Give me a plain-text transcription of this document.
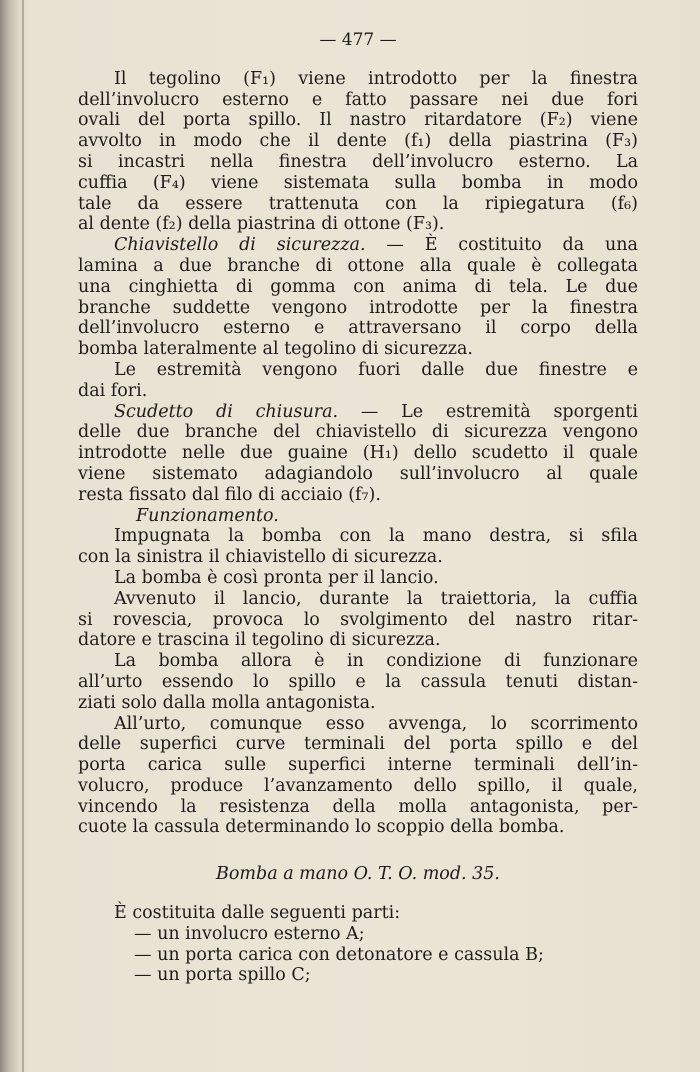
— 477 —

Il tegolino (F₁) viene introdotto per la finestra

dell’involucro esterno e fatto passare nei due fori

ovali del porta spillo. Il nastro ritardatore (F₂) viene

avvolto in modo che il dente (f₁) della piastrina (F₃)

si incastri nella finestra dell’involucro esterno. La

cuffia (F₄) viene sistemata sulla bomba in modo

tale da essere trattenuta con la ripiegatura (f₆)

al dente (f₂) della piastrina di ottone (F₃).

Chiavistello di sicurezza. — È costituito da una

lamina a due branche di ottone alla quale è collegata

una cinghietta di gomma con anima di tela. Le due

branche suddette vengono introdotte per la finestra

dell’involucro esterno e attraversano il corpo della

bomba lateralmente al tegolino di sicurezza.

Le estremità vengono fuori dalle due finestre e

dai fori.

Scudetto di chiusura. — Le estremità sporgenti

delle due branche del chiavistello di sicurezza vengono

introdotte nelle due guaine (H₁) dello scudetto il quale

viene sistemato adagiandolo sull’involucro al quale

resta fissato dal filo di acciaio (f₇).

Funzionamento.

Impugnata la bomba con la mano destra, si sfila

con la sinistra il chiavistello di sicurezza.

La bomba è così pronta per il lancio.

Avvenuto il lancio, durante la traiettoria, la cuffia

si rovescia, provoca lo svolgimento del nastro ritar-

datore e trascina il tegolino di sicurezza.

La bomba allora è in condizione di funzionare

all’urto essendo lo spillo e la cassula tenuti distan-

ziati solo dalla molla antagonista.

All’urto, comunque esso avvenga, lo scorrimento

delle superfici curve terminali del porta spillo e del

porta carica sulle superfici interne terminali dell’in-

volucro, produce l’avanzamento dello spillo, il quale,

vincendo la resistenza della molla antagonista, per-

cuote la cassula determinando lo scoppio della bomba.

Bomba a mano O. T. O. mod. 35.

È costituita dalle seguenti parti:

— un involucro esterno A;

— un porta carica con detonatore e cassula B;

— un porta spillo C;
